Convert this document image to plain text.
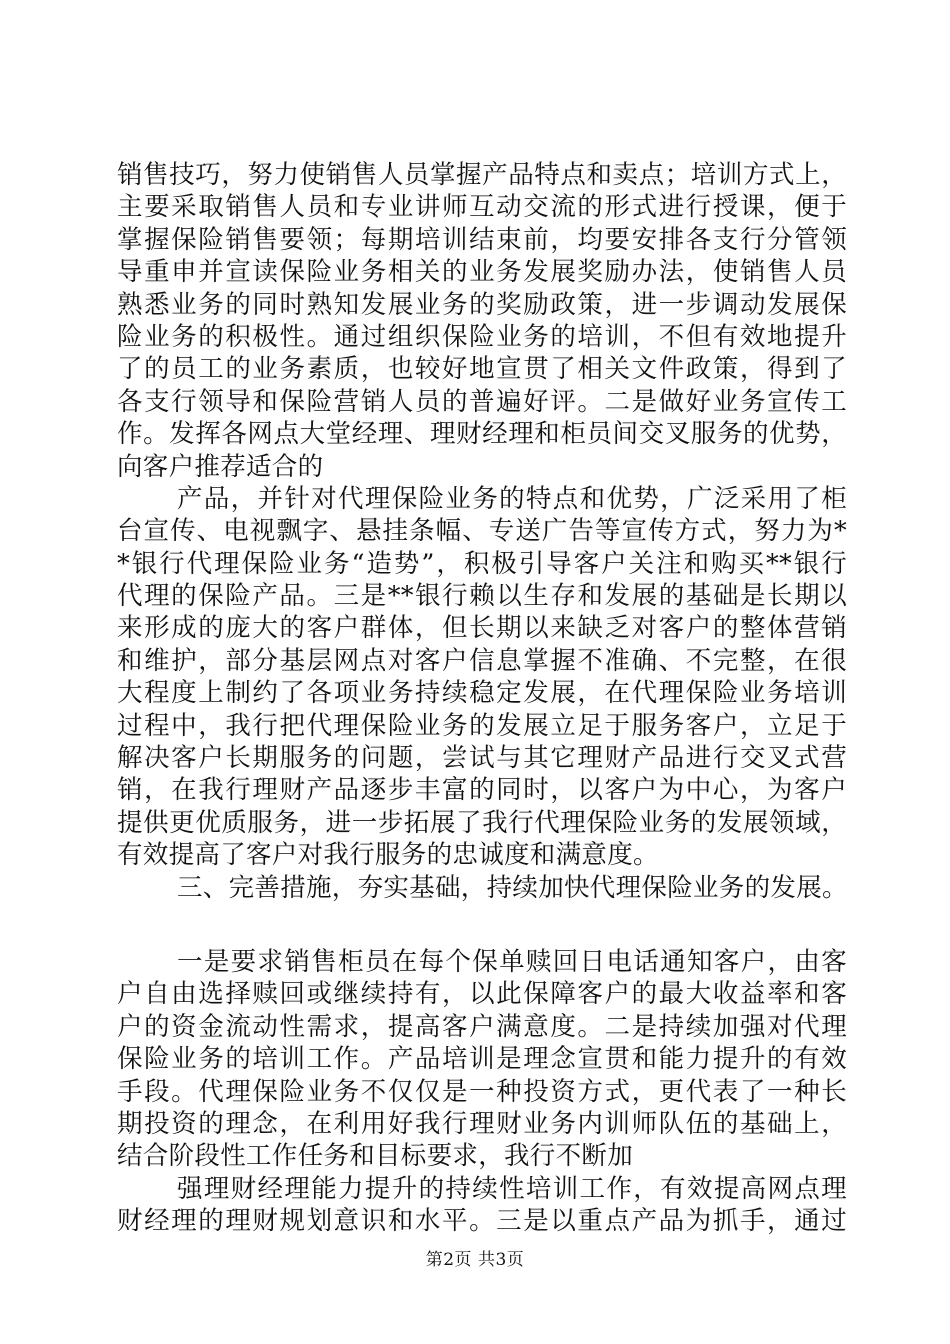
销售技巧，努力使销售人员掌握产品特点和卖点；培训方式上，
主要采取销售人员和专业讲师互动交流的形式进行授课，便于
掌握保险销售要领；每期培训结束前，均要安排各支行分管领
导重申并宣读保险业务相关的业务发展奖励办法，使销售人员
熟悉业务的同时熟知发展业务的奖励政策，进一步调动发展保
险业务的积极性。通过组织保险业务的培训，不但有效地提升
了的员工的业务素质，也较好地宣贯了相关文件政策，得到了
各支行领导和保险营销人员的普遍好评。二是做好业务宣传工
作。发挥各网点大堂经理、理财经理和柜员间交叉服务的优势，
向客户推荐适合的
产品，并针对代理保险业务的特点和优势，广泛采用了柜
台宣传、电视飘字、悬挂条幅、专送广告等宣传方式，努力为*
*银行代理保险业务“造势”，积极引导客户关注和购买**银行
代理的保险产品。三是**银行赖以生存和发展的基础是长期以
来形成的庞大的客户群体，但长期以来缺乏对客户的整体营销
和维护，部分基层网点对客户信息掌握不准确、不完整，在很
大程度上制约了各项业务持续稳定发展，在代理保险业务培训
过程中，我行把代理保险业务的发展立足于服务客户，立足于
解决客户长期服务的问题，尝试与其它理财产品进行交叉式营
销，在我行理财产品逐步丰富的同时，以客户为中心，为客户
提供更优质服务，进一步拓展了我行代理保险业务的发展领域，
有效提高了客户对我行服务的忠诚度和满意度。
三、完善措施，夯实基础，持续加快代理保险业务的发展。
一是要求销售柜员在每个保单赎回日电话通知客户，由客
户自由选择赎回或继续持有，以此保障客户的最大收益率和客
户的资金流动性需求，提高客户满意度。二是持续加强对代理
保险业务的培训工作。产品培训是理念宣贯和能力提升的有效
手段。代理保险业务不仅仅是一种投资方式，更代表了一种长
期投资的理念，在利用好我行理财业务内训师队伍的基础上，
结合阶段性工作任务和目标要求，我行不断加
强理财经理能力提升的持续性培训工作，有效提高网点理
财经理的理财规划意识和水平。三是以重点产品为抓手，通过
第2页 共3页
